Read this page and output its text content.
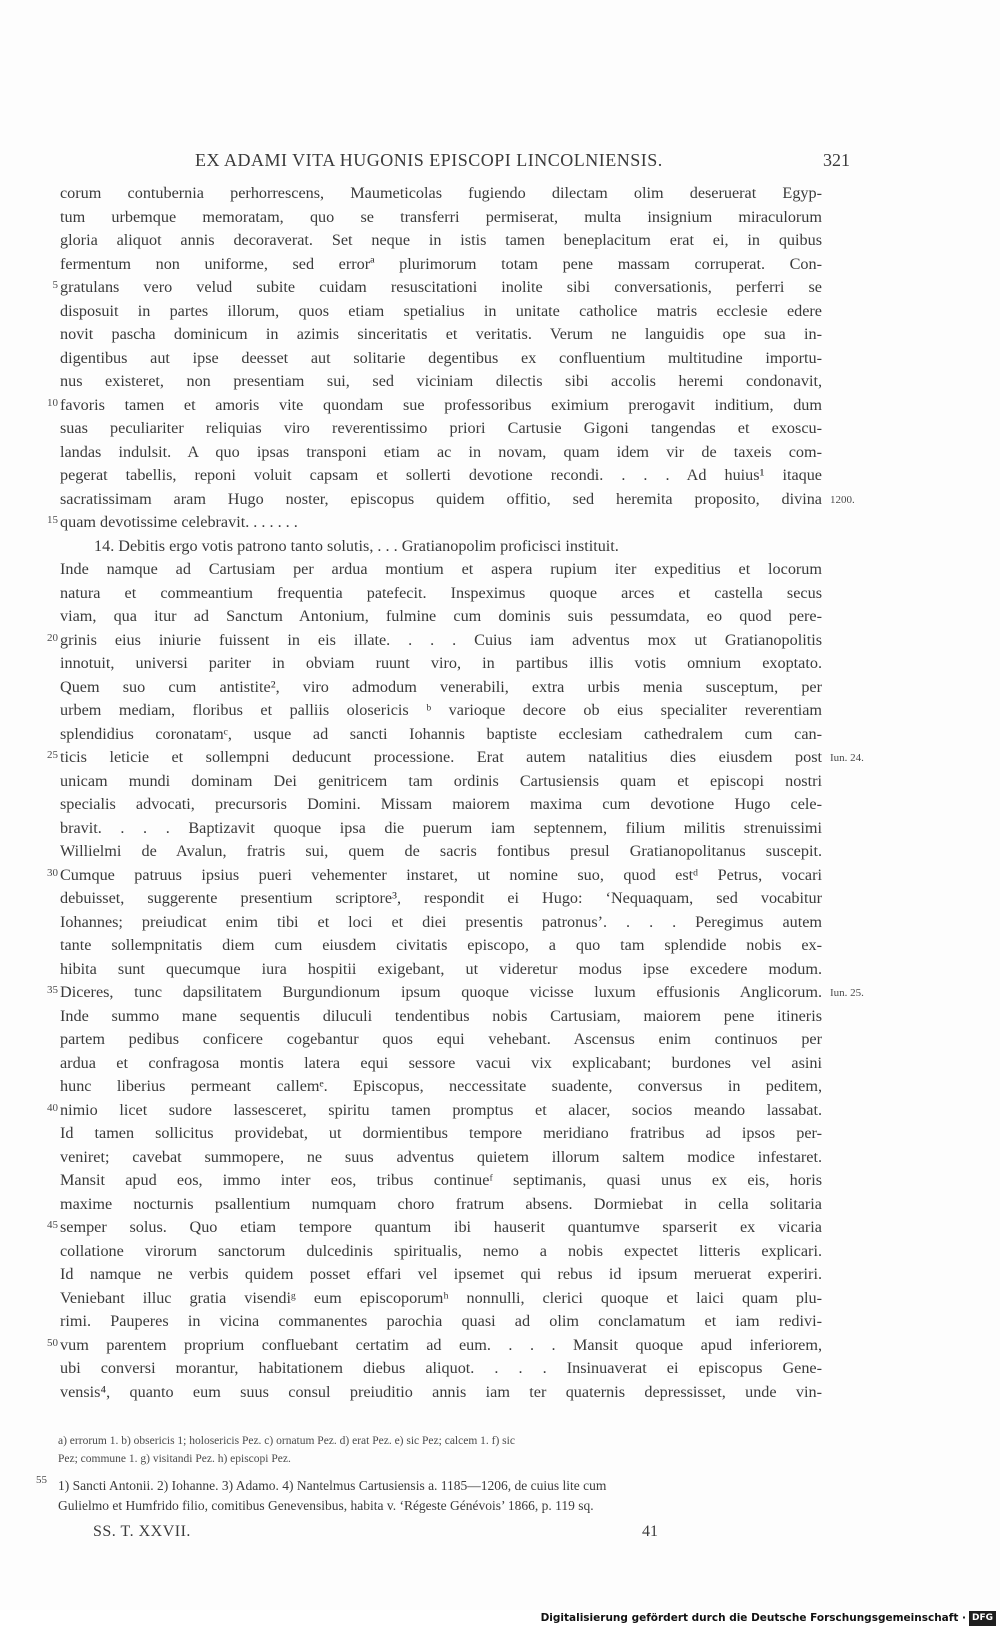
EX ADAMI VITA HUGONIS EPISCOPI LINCOLNIENSIS.	321
corum contubernia perhorrescens, Maumeticolas fugiendo dilectam olim deseruerat Egyp-
tum urbemque memoratam, quo se transferri permiserat, multa insignium miraculorum
gloria aliquot annis decoraverat. Set neque in istis tamen beneplacitum erat ei, in quibus
fermentum non uniforme, sed errorª plurimorum totam pene massam corruperat. Con-
5 gratulans vero velud subite cuidam resuscitationi inolite sibi conversationis, perferri se
disposuit in partes illorum, quos etiam spetialius in unitate catholice matris ecclesie edere
novit pascha dominicum in azimis sinceritatis et veritatis. Verum ne languidis ope sua in-
digentibus aut ipse deesset aut solitarie degentibus ex confluentium multitudine importu-
nus existeret, non presentiam sui, sed viciniam dilectis sibi accolis heremi condonavit,
10 favoris tamen et amoris vite quondam sue professoribus eximium prerogavit inditium, dum
suas peculiariter reliquias viro reverentissimo priori Cartusie Gigoni tangendas et exoscu-
landas indulsit. A quo ipsas transponi etiam ac in novam, quam idem vir de taxeis com-
pegerat tabellis, reponi voluit capsam et sollerti devotione recondi. . . . Ad huius¹ itaque
sacratissimam aram Hugo noster, episcopus quidem offitio, sed heremita proposito, divina 1200.
15 quam devotissime celebravit. . . . . . .
14. Debitis ergo votis patrono tanto solutis, . . . Gratianopolim proficisci instituit.
Inde namque ad Cartusiam per ardua montium et aspera rupium iter expeditius et locorum
natura et commeantium frequentia patefecit. Inspeximus quoque arces et castella secus
viam, qua itur ad Sanctum Antonium, fulmine cum dominis suis pessumdata, eo quod pere-
20 grinis eius iniurie fuissent in eis illate. . . . Cuius iam adventus mox ut Gratianopolitis
innotuit, universi pariter in obviam ruunt viro, in partibus illis votis omnium exoptato.
Quem suo cum antistite², viro admodum venerabili, extra urbis menia susceptum, per
urbem mediam, floribus et palliis olosericis ᵇ varioque decore ob eius specialiter reverentiam
splendidius coronatamᶜ, usque ad sancti Iohannis baptiste ecclesiam cathedralem cum can-
25 ticis leticie et sollempni deducunt processione. Erat autem natalitius dies eiusdem post Iun. 24.
unicam mundi dominam Dei genitricem tam ordinis Cartusiensis quam et episcopi nostri
specialis advocati, precursoris Domini. Missam maiorem maxima cum devotione Hugo cele-
bravit. . . . Baptizavit quoque ipsa die puerum iam septennem, filium militis strenuissimi
Willielmi de Avalun, fratris sui, quem de sacris fontibus presul Gratianopolitanus suscepit.
30 Cumque patruus ipsius pueri vehementer instaret, ut nomine suo, quod estᵈ Petrus, vocari
debuisset, suggerente presentium scriptore³, respondit ei Hugo: ‘Nequaquam, sed vocabitur
Iohannes; preiudicat enim tibi et loci et diei presentis patronus’. . . . Peregimus autem
tante sollempnitatis diem cum eiusdem civitatis episcopo, a quo tam splendide nobis ex-
hibita sunt quecumque iura hospitii exigebant, ut videretur modus ipse excedere modum.
35 Diceres, tunc dapsilitatem Burgundionum ipsum quoque vicisse luxum effusionis Anglicorum. Iun. 25.
Inde summo mane sequentis diluculi tendentibus nobis Cartusiam, maiorem pene itineris
partem pedibus conficere cogebantur quos equi vehebant. Ascensus enim continuos per
ardua et confragosa montis latera equi sessore vacui vix explicabant; burdones vel asini
hunc liberius permeant callemᵉ. Episcopus, neccessitate suadente, conversus in peditem,
40 nimio licet sudore lassesceret, spiritu tamen promptus et alacer, socios meando lassabat.
Id tamen sollicitus providebat, ut dormientibus tempore meridiano fratribus ad ipsos per-
veniret; cavebat summopere, ne suus adventus quietem illorum saltem modice infestaret.
Mansit apud eos, immo inter eos, tribus continueᶠ septimanis, quasi unus ex eis, horis
maxime nocturnis psallentium numquam choro fratrum absens. Dormiebat in cella solitaria
45 semper solus. Quo etiam tempore quantum ibi hauserit quantumve sparserit ex vicaria
collatione virorum sanctorum dulcedinis spiritualis, nemo a nobis expectet litteris explicari.
Id namque ne verbis quidem posset effari vel ipsemet qui rebus id ipsum meruerat experiri.
Veniebant illuc gratia visendiᵍ eum episcoporumʰ nonnulli, clerici quoque et laici quam plu-
rimi. Pauperes in vicina commanentes parochia quasi ad olim conclamatum et iam redivi-
50 vum parentem proprium confluebant certatim ad eum. . . . Mansit quoque apud inferiorem,
ubi conversi morantur, habitationem diebus aliquot. . . . Insinuaverat ei episcopus Gene-
vensis⁴, quanto eum suus consul preiuditio annis iam ter quaternis depressisset, unde vin-
a) errorum 1. b) obsericis 1; holosericis Pez. c) ornatum Pez. d) erat Pez. e) sic Pez; calcem 1. f) sic
Pez; commune 1. g) visitandi Pez. h) episcopi Pez.
55 1) Sancti Antonii. 2) Iohanne. 3) Adamo. 4) Nantelmus Cartusiensis a. 1185—1206, de cuius lite cum
Gulielmo et Humfrido filio, comitibus Genevensibus, habita v. ‘Régeste Génévois’ 1866, p. 119 sq.
SS. T. XXVII.	41
Digitalisierung gefördert durch die Deutsche Forschungsgemeinschaft · DFG
